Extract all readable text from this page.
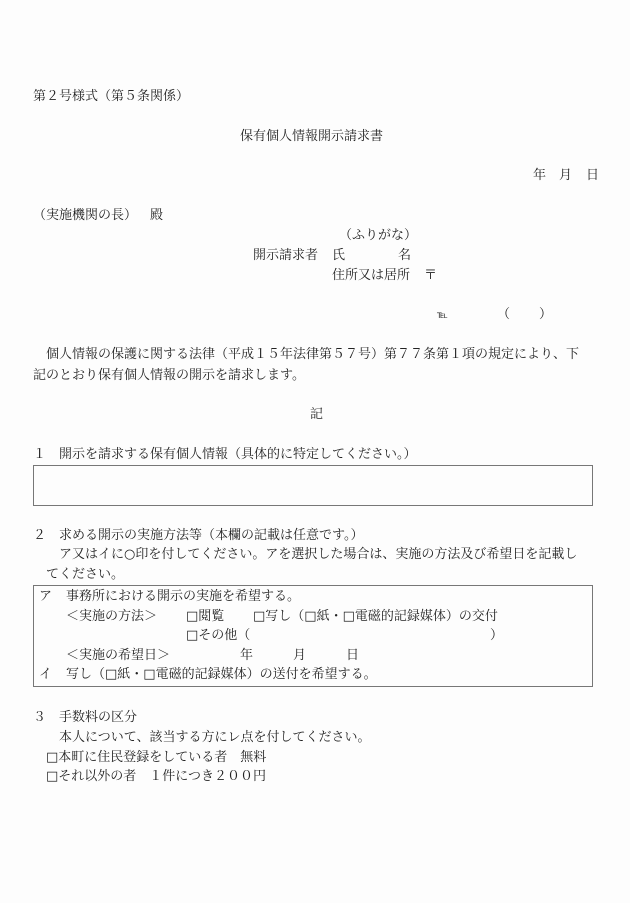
第２号様式（第５条関係）
保有個人情報開示請求書
年 月 日
（実施機関の長） 殿
（ふりがな）
開示請求者 氏	名
住所又は居所 〒
℡	（ ）
個人情報の保護に関する法律（平成１５年法律第５７号）第７７条第１項の規定により、下
記のとおり保有個人情報の開示を請求します。
記
１　開示を請求する保有個人情報（具体的に特定してください。）
２　求める開示の実施方法等（本欄の記載は任意です。）
ア又はイに○印を付してください。アを選択した場合は、実施の方法及び希望日を記載し
てください。
ア 事務所における開示の実施を希望する。
＜実施の方法＞ □閲覧 □写し（□紙・□電磁的記録媒体）の交付
□その他（	）
＜実施の希望日＞	年	月	日
イ 写し（□紙・□電磁的記録媒体）の送付を希望する。
３　手数料の区分
本人について、該当する方にレ点を付してください。
□本町に住民登録をしている者　無料
□それ以外の者　１件につき２００円
